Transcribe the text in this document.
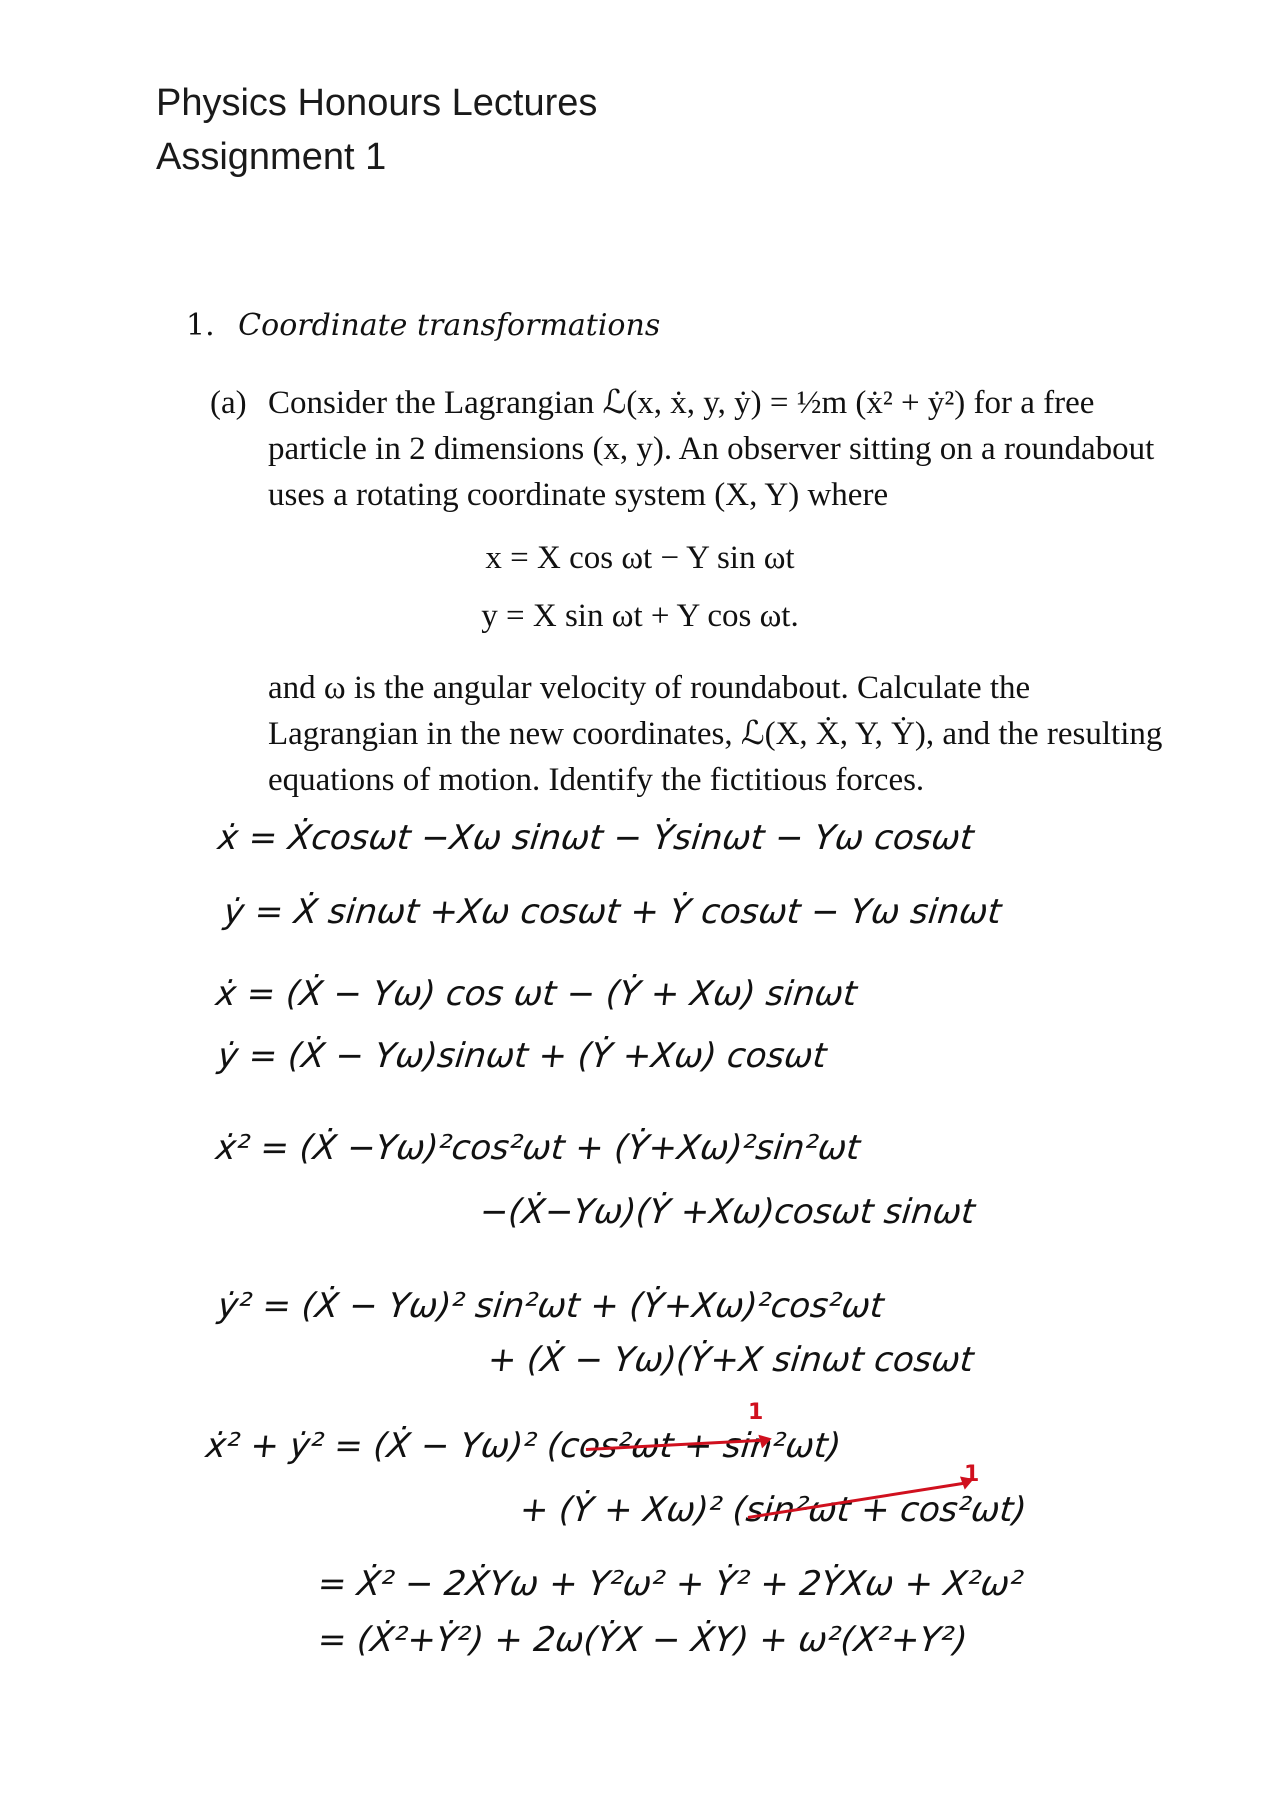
Physics Honours Lectures
Assignment 1
1. Coordinate transformations
(a) Consider the Lagrangian ℒ(x, ẋ, y, ẏ) = ½m (ẋ² + ẏ²) for a free particle in 2 dimensions (x, y). An observer sitting on a roundabout uses a rotating coordinate system (X, Y) where
x = X cos ωt − Y sin ωt
y = X sin ωt + Y cos ωt.
and ω is the angular velocity of roundabout. Calculate the Lagrangian in the new coordinates, ℒ(X, Ẋ, Y, Ẏ), and the resulting equations of motion. Identify the fictitious forces.
ẋ = Ẋcosωt −Xω sinωt − Ẏsinωt − Yω cosωt
ẏ = Ẋ sinωt +Xω cosωt + Ẏ cosωt − Yω sinωt
ẋ = (Ẋ − Yω) cos ωt − (Ẏ + Xω) sinωt
ẏ = (Ẋ − Yω)sinωt + (Ẏ +Xω) cosωt
ẋ² = (Ẋ −Yω)²cos²ωt + (Ẏ+Xω)²sin²ωt
−(Ẋ−Yω)(Ẏ +Xω)cosωt sinωt
ẏ² = (Ẋ − Yω)² sin²ωt + (Ẏ+Xω)²cos²ωt
+ (Ẋ − Yω)(Ẏ+X sinωt cosωt
ẋ² + ẏ² = (Ẋ − Yω)² (cos²ωt + sin²ωt)
+ (Ẏ + Xω)² (sin²ωt + cos²ωt)
1
1
= Ẋ² − 2ẊYω + Y²ω² + Ẏ² + 2ẎXω + X²ω²
= (Ẋ²+Ẏ²) + 2ω(ẎX − ẊY) + ω²(X²+Y²)
